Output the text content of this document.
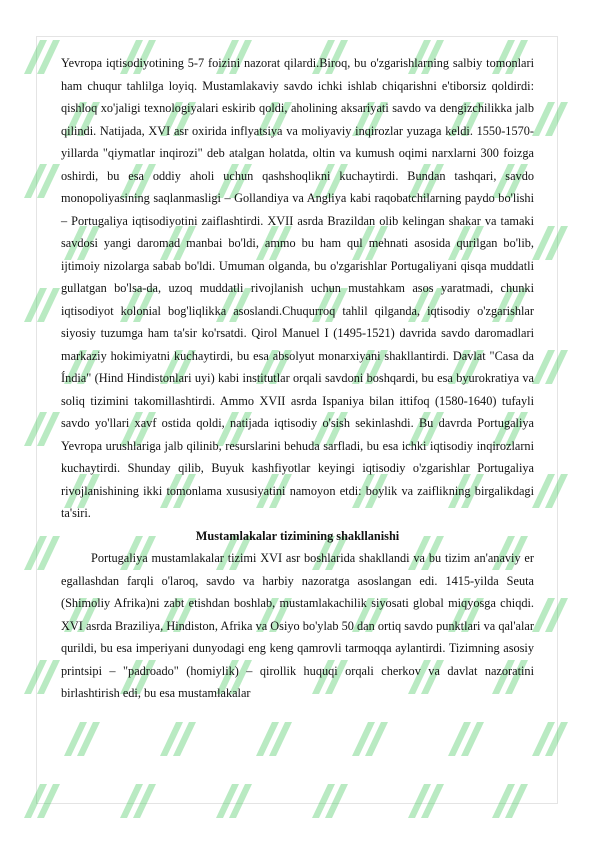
Yevropa iqtisodiyotining 5-7 foizini nazorat qilardi.Biroq, bu o'zgarishlarning salbiy tomonlari ham chuqur tahlilga loyiq. Mustamlakaviy savdo ichki ishlab chiqarishni e'tiborsiz qoldirdi: qishloq xo'jaligi texnologiyalari eskirib qoldi, aholining aksariyati savdo va dengizchilikka jalb qilindi. Natijada, XVI asr oxirida inflyatsiya va moliyaviy inqirozlar yuzaga keldi. 1550-1570-yillarda "qiymatlar inqirozi" deb atalgan holatda, oltin va kumush oqimi narxlarni 300 foizga oshirdi, bu esa oddiy aholi uchun qashshoqlikni kuchaytirdi. Bundan tashqari, savdo monopoliyasining saqlanmasligi – Gollandiya va Angliya kabi raqobatchilarning paydo bo'lishi – Portugaliya iqtisodiyotini zaiflashtirdi. XVII asrda Brazildan olib kelingan shakar va tamaki savdosi yangi daromad manbai bo'ldi, ammo bu ham qul mehnati asosida qurilgan bo'lib, ijtimoiy nizolarga sabab bo'ldi. Umuman olganda, bu o'zgarishlar Portugaliyani qisqa muddatli gullatgan bo'lsa-da, uzoq muddatli rivojlanish uchun mustahkam asos yaratmadi, chunki iqtisodiyot kolonial bog'liqlikka asoslandi.Chuqurroq tahlil qilganda, iqtisodiy o'zgarishlar siyosiy tuzumga ham ta'sir ko'rsatdi. Qirol Manuel I (1495-1521) davrida savdo daromadlari markaziy hokimiyatni kuchaytirdi, bu esa absolyut monarxiyani shakllantirdi. Davlat "Casa da Índia" (Hind Hindistonlari uyi) kabi institutlar orqali savdoni boshqardi, bu esa byurokratiya va soliq tizimini takomillashtirdi. Ammo XVII asrda Ispaniya bilan ittifoq (1580-1640) tufayli savdo yo'llari xavf ostida qoldi, natijada iqtisodiy o'sish sekinlashdi. Bu davrda Portugaliya Yevropa urushlariga jalb qilinib, resurslarini behuda sarfladi, bu esa ichki iqtisodiy inqirozlarni kuchaytirdi. Shunday qilib, Buyuk kashfiyotlar keyingi iqtisodiy o'zgarishlar Portugaliya rivojlanishining ikki tomonlama xususiyatini namoyon etdi: boylik va zaiflikning birgalikdagi ta'siri.

Mustamlakalar tizimining shakllanishi

Portugaliya mustamlakalar tizimi XVI asr boshlarida shakllandi va bu tizim an'anaviy er egallashdan farqli o'laroq, savdo va harbiy nazoratga asoslangan edi. 1415-yilda Seuta (Shimoliy Afrika)ni zabt etishdan boshlab, mustamlakachilik siyosati global miqyosga chiqdi. XVI asrda Braziliya, Hindiston, Afrika va Osiyo bo'ylab 50 dan ortiq savdo punktlari va qal'alar qurildi, bu esa imperiyani dunyodagi eng keng qamrovli tarmoqqa aylantirdi. Tizimning asosiy printsipi – "padroado" (homiylik) – qirollik huquqi orqali cherkov va davlat nazoratini birlashtirish edi, bu esa mustamlakalar
